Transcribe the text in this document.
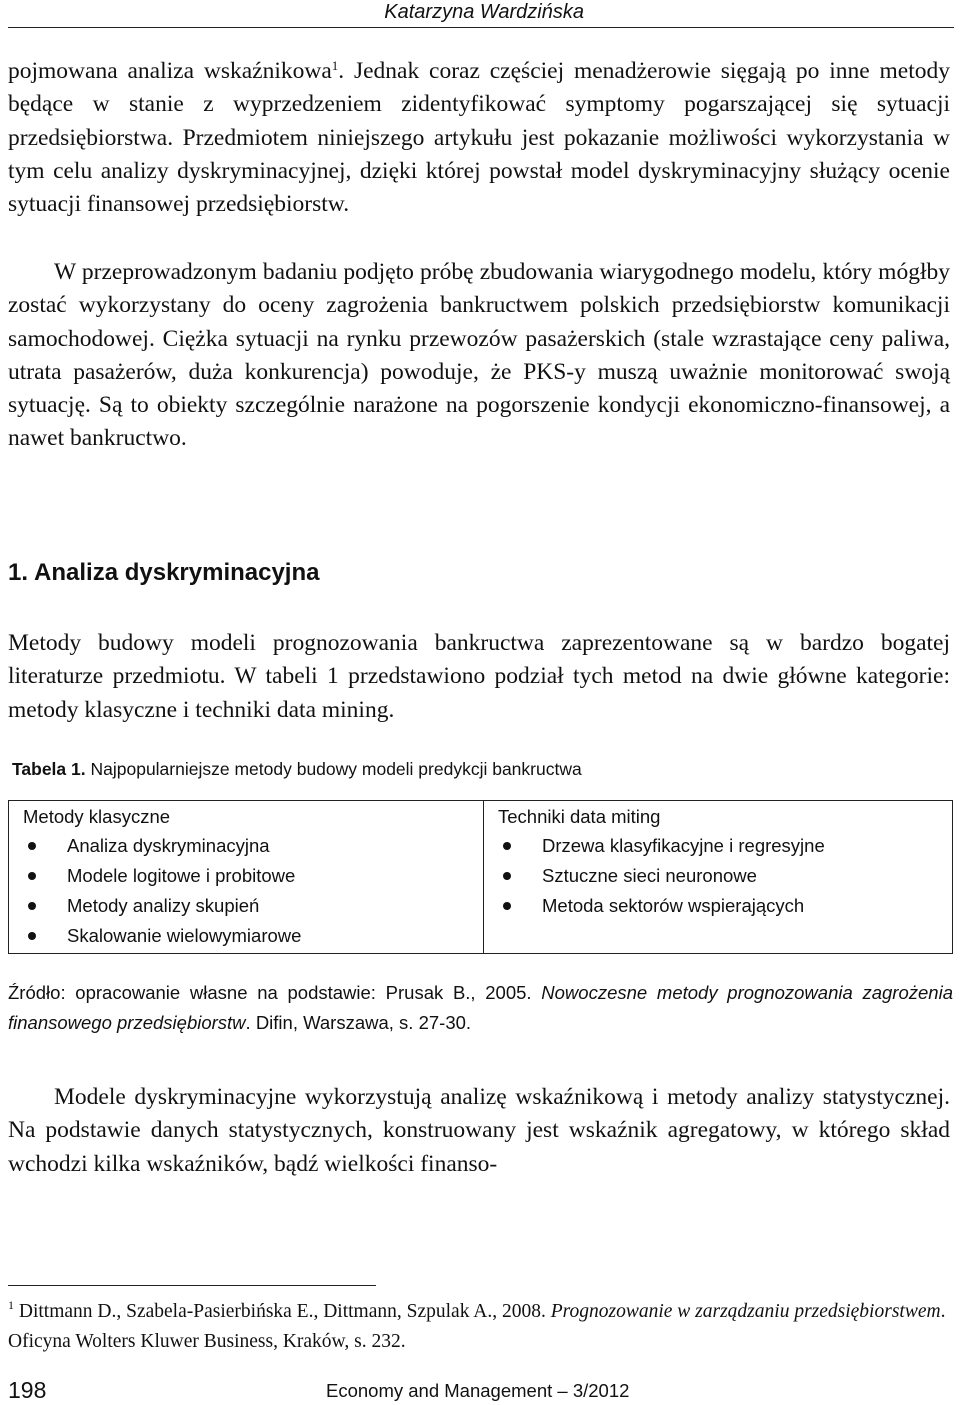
Katarzyna Wardzińska

pojmowana analiza wskaźnikowa$^1$. Jednak coraz częściej menadżerowie sięgają po inne metody będące w stanie z wyprzedzeniem zidentyfikować symptomy pogarszającej się sytuacji przedsiębiorstwa. Przedmiotem niniejszego artykułu jest pokazanie możliwości wykorzystania w tym celu analizy dyskryminacyjnej, dzięki której powstał model dyskryminacyjny służący ocenie sytuacji finansowej przedsiębiorstw.

W przeprowadzonym badaniu podjęto próbę zbudowania wiarygodnego modelu, który mógłby zostać wykorzystany do oceny zagrożenia bankructwem polskich przedsiębiorstw komunikacji samochodowej. Ciężka sytuacji na rynku przewozów pasażerskich (stale wzrastające ceny paliwa, utrata pasażerów, duża konkurencja) powoduje, że PKS-y muszą uważnie monitorować swoją sytuację. Są to obiekty szczególnie narażone na pogorszenie kondycji ekonomiczno-finansowej, a nawet bankructwo.

1. Analiza dyskryminacyjna

Metody budowy modeli prognozowania bankructwa zaprezentowane są w bardzo bogatej literaturze przedmiotu. W tabeli 1 przedstawiono podział tych metod na dwie główne kategorie: metody klasyczne i techniki data mining.

Tabela 1. Najpopularniejsze metody budowy modeli predykcji bankructwa
Metody klasyczne
Analiza dyskryminacyjna
Modele logitowe i probitowe
Metody analizy skupień
Skalowanie wielowymiarowe

Techniki data miting
Drzewa klasyfikacyjne i regresyjne
Sztuczne sieci neuronowe
Metoda sektorów wspierających

Źródło: opracowanie własne na podstawie: Prusak B., 2005. Nowoczesne metody prognozowania zagrożenia finansowego przedsiębiorstw. Difin, Warszawa, s. 27-30.

Modele dyskryminacyjne wykorzystują analizę wskaźnikową i metody analizy statystycznej. Na podstawie danych statystycznych, konstruowany jest wskaźnik agregatowy, w którego skład wchodzi kilka wskaźników, bądź wielkości finanso-

$^1$ Dittmann D., Szabela-Pasierbińska E., Dittmann, Szpulak A., 2008. Prognozowanie w zarządzaniu przedsiębiorstwem. Oficyna Wolters Kluwer Business, Kraków, s. 232.

198	Economy and Management – 3/2012
